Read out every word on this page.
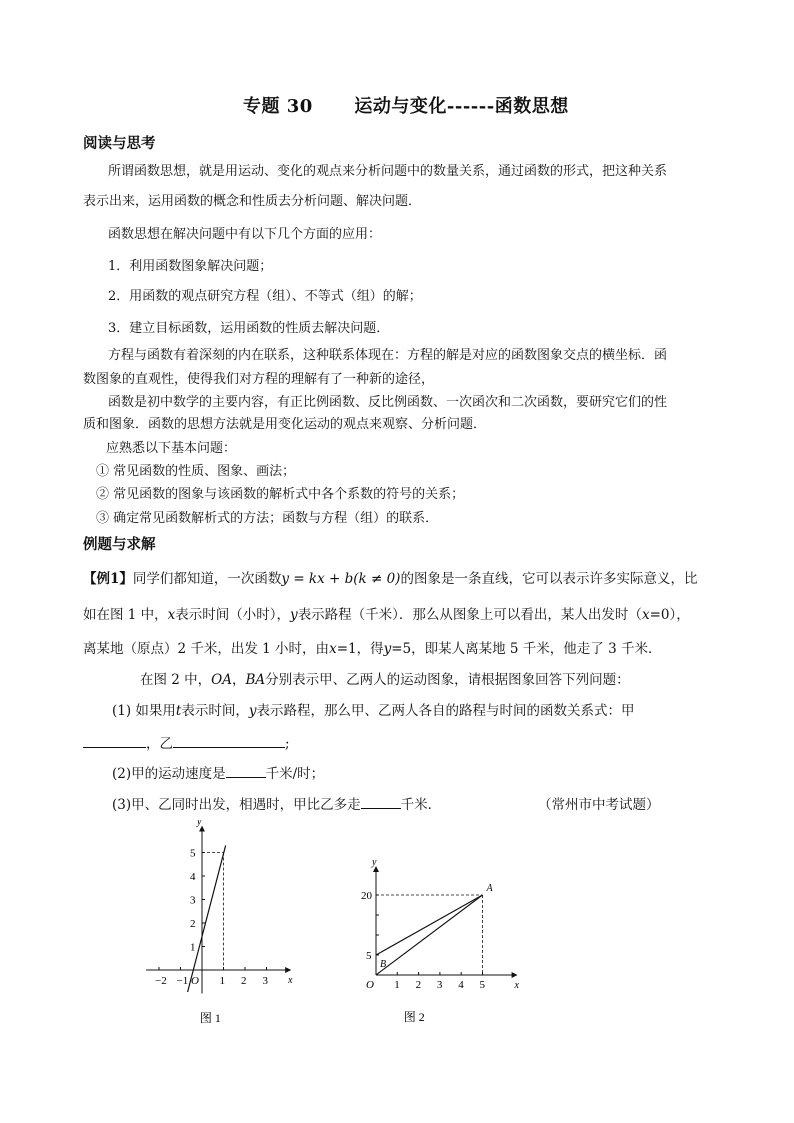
专题 30 运动与变化------函数思想
阅读与思考
所谓函数思想，就是用运动、变化的观点来分析问题中的数量关系，通过函数的形式，把这种关系
表示出来，运用函数的概念和性质去分析问题、解决问题．
函数思想在解决问题中有以下几个方面的应用：
1．利用函数图象解决问题；
2．用函数的观点研究方程（组）、不等式（组）的解；
3．建立目标函数，运用函数的性质去解决问题．
方程与函数有着深刻的内在联系，这种联系体现在：方程的解是对应的函数图象交点的横坐标．函
数图象的直观性，使得我们对方程的理解有了一种新的途径，
函数是初中数学的主要内容，有正比例函数、反比例函数、一次函次和二次函数，要研究它们的性
质和图象．函数的思想方法就是用变化运动的观点来观察、分析问题．
应熟悉以下基本问题：
① 常见函数的性质、图象、画法；
② 常见函数的图象与该函数的解析式中各个系数的符号的关系；
③ 确定常见函数解析式的方法；函数与方程（组）的联系．
例题与求解
【例1】同学们都知道，一次函数y = kx + b(k ≠ 0)的图象是一条直线，它可以表示许多实际意义，比
如在图 1 中，x表示时间（小时），y表示路程（千米）．那么从图象上可以看出，某人出发时（x=0），
离某地（原点）2 千米，出发 1 小时，由x=1，得y=5，即某人离某地 5 千米，他走了 3 千米．
在图 2 中，OA，BA分别表示甲、乙两人的运动图象，请根据图象回答下列问题：
(1) 如果用t表示时间，y表示路程，那么甲、乙两人各自的路程与时间的函数关系式：甲
，乙	;
(2)甲的运动速度是	千米/时；
(3)甲、乙同时出发，相遇时，甲比乙多走	千米．	（常州市中考试题）
−2 −1 O 1 2 3
1
2
3
4
5
x
y
图 1
O 1 2 3 4 5
5
20
x
y
A
B
图 2
